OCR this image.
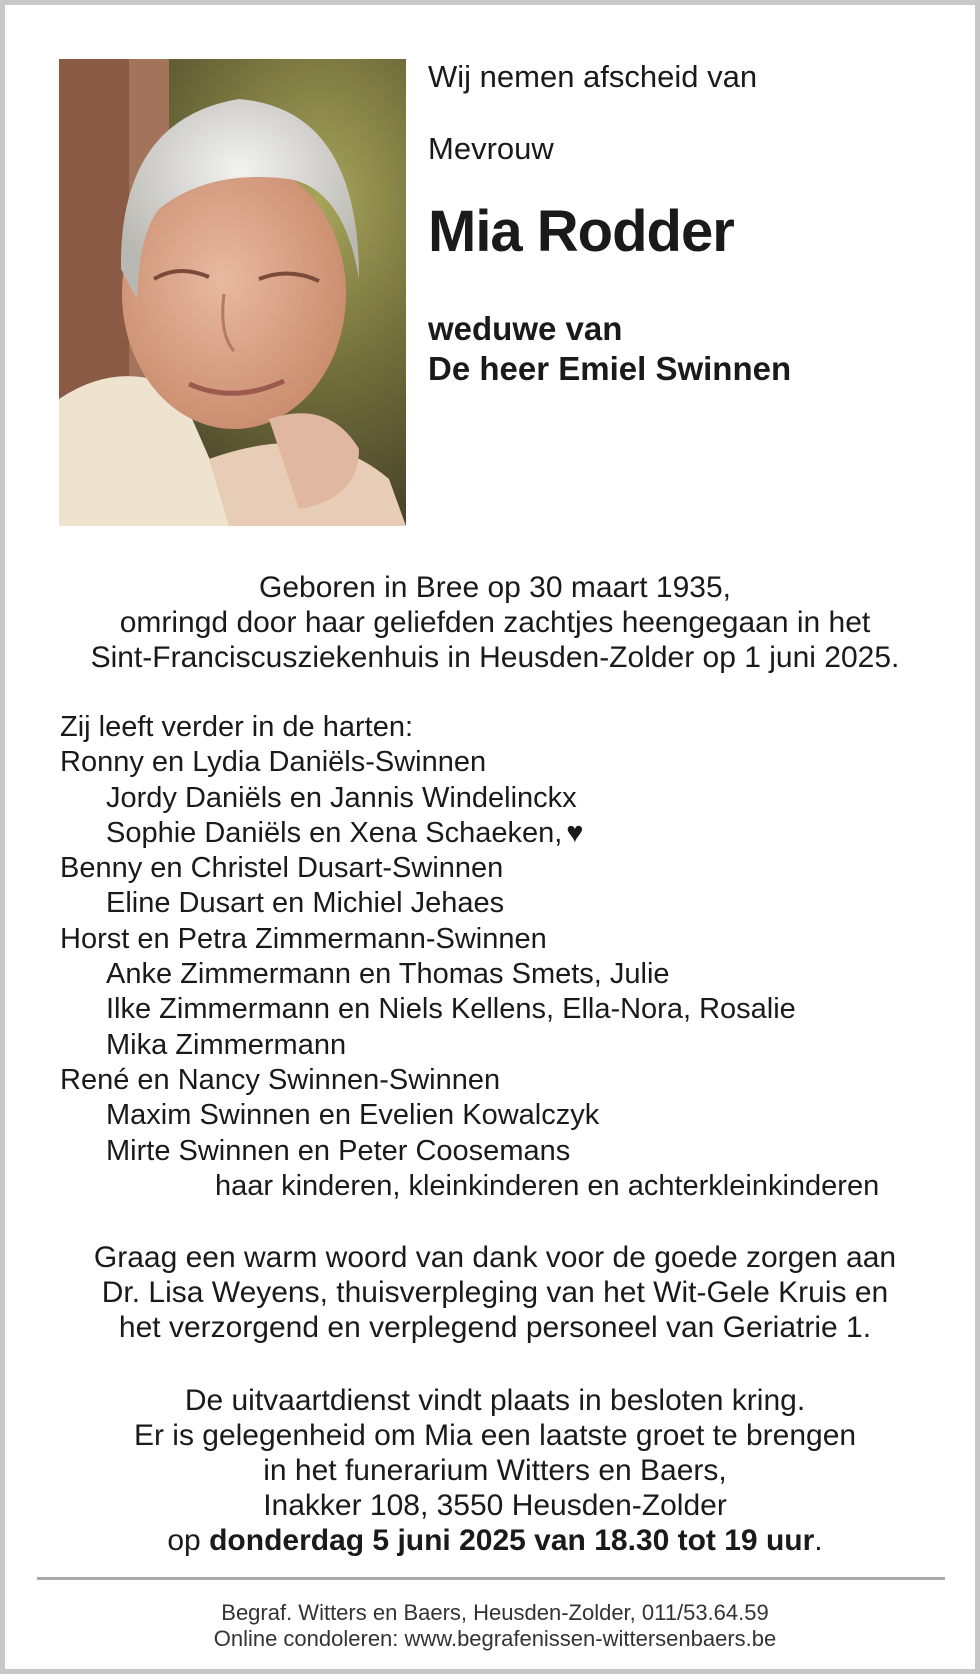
Wij nemen afscheid van

Mevrouw

Mia Rodder

weduwe van
De heer Emiel Swinnen

Geboren in Bree op 30 maart 1935,
omringd door haar geliefden zachtjes heengegaan in het
Sint-Franciscusziekenhuis in Heusden-Zolder op 1 juni 2025.
Zij leeft verder in de harten:
Ronny en Lydia Daniëls-Swinnen
Jordy Daniëls en Jannis Windelinckx
Sophie Daniëls en Xena Schaeken, ♥
Benny en Christel Dusart-Swinnen
Eline Dusart en Michiel Jehaes
Horst en Petra Zimmermann-Swinnen
Anke Zimmermann en Thomas Smets, Julie
Ilke Zimmermann en Niels Kellens, Ella-Nora, Rosalie
Mika Zimmermann
René en Nancy Swinnen-Swinnen
Maxim Swinnen en Evelien Kowalczyk
Mirte Swinnen en Peter Coosemans
haar kinderen, kleinkinderen en achterkleinkinderen
Graag een warm woord van dank voor de goede zorgen aan
Dr. Lisa Weyens, thuisverpleging van het Wit-Gele Kruis en
het verzorgend en verplegend personeel van Geriatrie 1.
De uitvaartdienst vindt plaats in besloten kring.
Er is gelegenheid om Mia een laatste groet te brengen
in het funerarium Witters en Baers,
Inakker 108, 3550 Heusden-Zolder
op donderdag 5 juni 2025 van 18.30 tot 19 uur.
Begraf. Witters en Baers, Heusden-Zolder, 011/53.64.59
Online condoleren: www.begrafenissen-wittersenbaers.be
